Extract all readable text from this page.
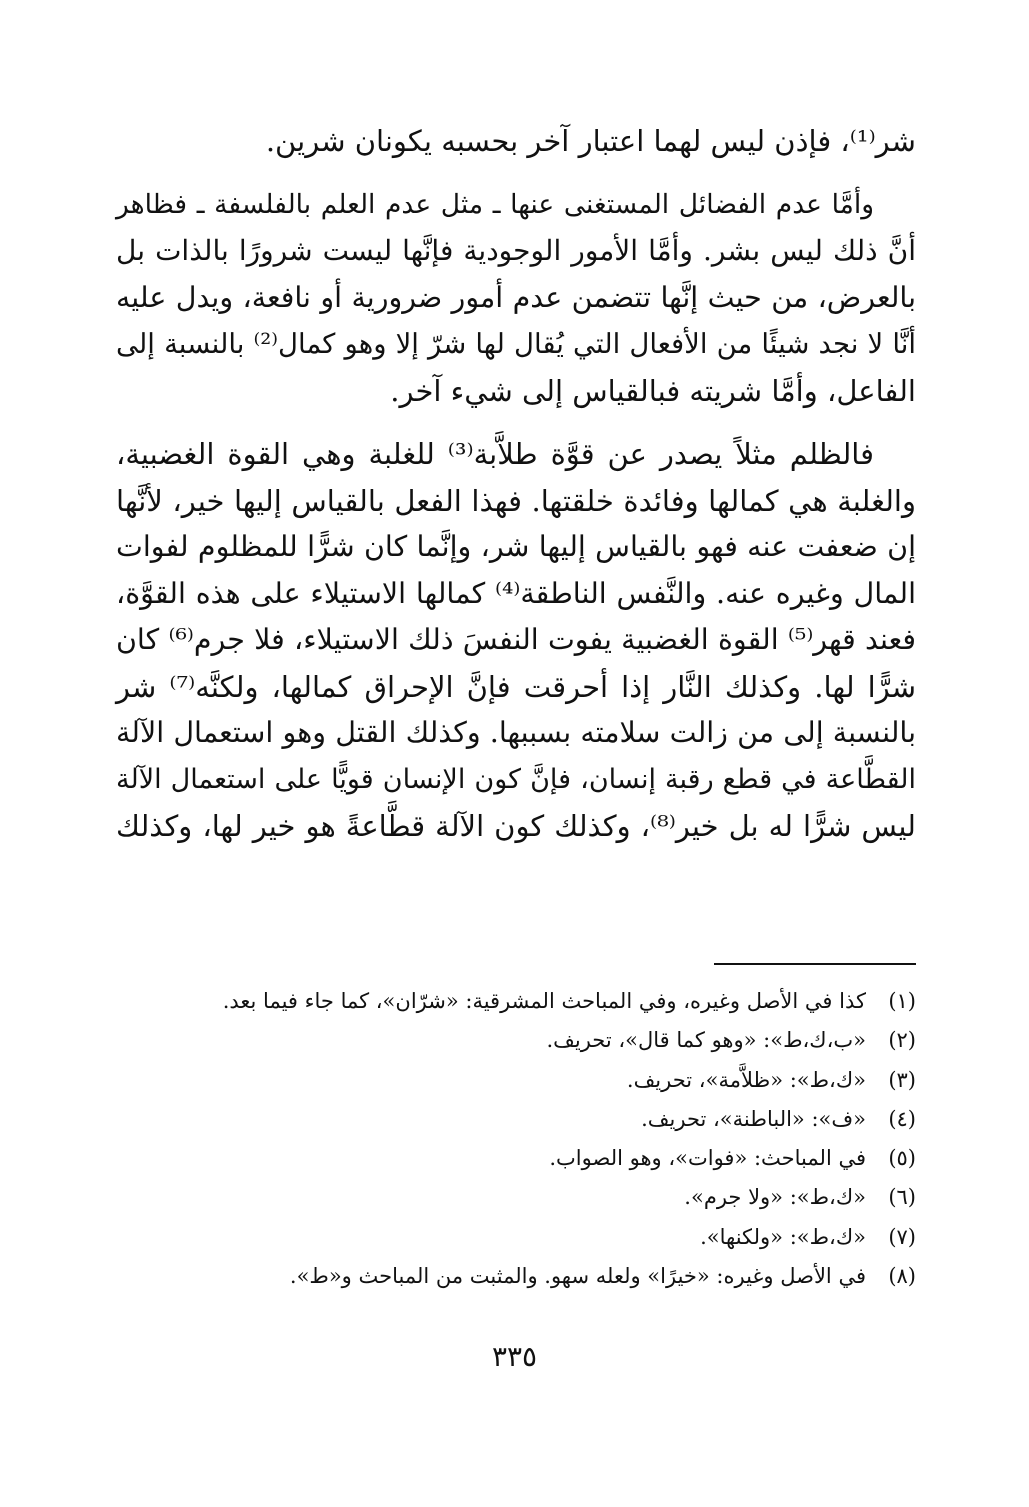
شر⁽¹⁾، فإذن ليس لهما اعتبار آخر بحسبه يكونان شرين.
وأمَّا عدم الفضائل المستغنى عنها ـ مثل عدم العلم بالفلسفة ـ فظاهر
أنَّ ذلك ليس بشر. وأمَّا الأمور الوجودية فإنَّها ليست شرورًا بالذات بل
بالعرض، من حيث إنَّها تتضمن عدم أمور ضرورية أو نافعة، ويدل عليه
أنَّا لا نجد شيئًا من الأفعال التي يُقال لها شرّ إلا وهو كمال⁽²⁾ بالنسبة إلى
الفاعل، وأمَّا شريته فبالقياس إلى شيء آخر.
فالظلم مثلاً يصدر عن قوَّة طلاَّبة⁽³⁾ للغلبة وهي القوة الغضبية،
والغلبة هي كمالها وفائدة خلقتها. فهذا الفعل بالقياس إليها خير، لأنَّها
إن ضعفت عنه فهو بالقياس إليها شر، وإنَّما كان شرًّا للمظلوم لفوات
المال وغيره عنه. والنَّفس الناطقة⁽⁴⁾ كمالها الاستيلاء على هذه القوَّة،
فعند قهر⁽⁵⁾ القوة الغضبية يفوت النفسَ ذلك الاستيلاء، فلا جرم⁽⁶⁾ كان
شرًّا لها. وكذلك النَّار إذا أحرقت فإنَّ الإحراق كمالها، ولكنَّه⁽⁷⁾ شر
بالنسبة إلى من زالت سلامته بسببها. وكذلك القتل وهو استعمال الآلة
القطَّاعة في قطع رقبة إنسان، فإنَّ كون الإنسان قويًّا على استعمال الآلة
ليس شرًّا له بل خير⁽⁸⁾، وكذلك كون الآلة قطَّاعةً هو خير لها، وكذلك
(١)كذا في الأصل وغيره، وفي المباحث المشرقية: «شرّان»، كما جاء فيما بعد.
(٢)«ب،ك،ط»: «وهو كما قال»، تحريف.
(٣)«ك،ط»: «ظلاَّمة»، تحريف.
(٤)«ف»: «الباطنة»، تحريف.
(٥)في المباحث: «فوات»، وهو الصواب.
(٦)«ك،ط»: «ولا جرم».
(٧)«ك،ط»: «ولكنها».
(٨)في الأصل وغيره: «خيرًا» ولعله سهو. والمثبت من المباحث و«ط».
٣٣٥
